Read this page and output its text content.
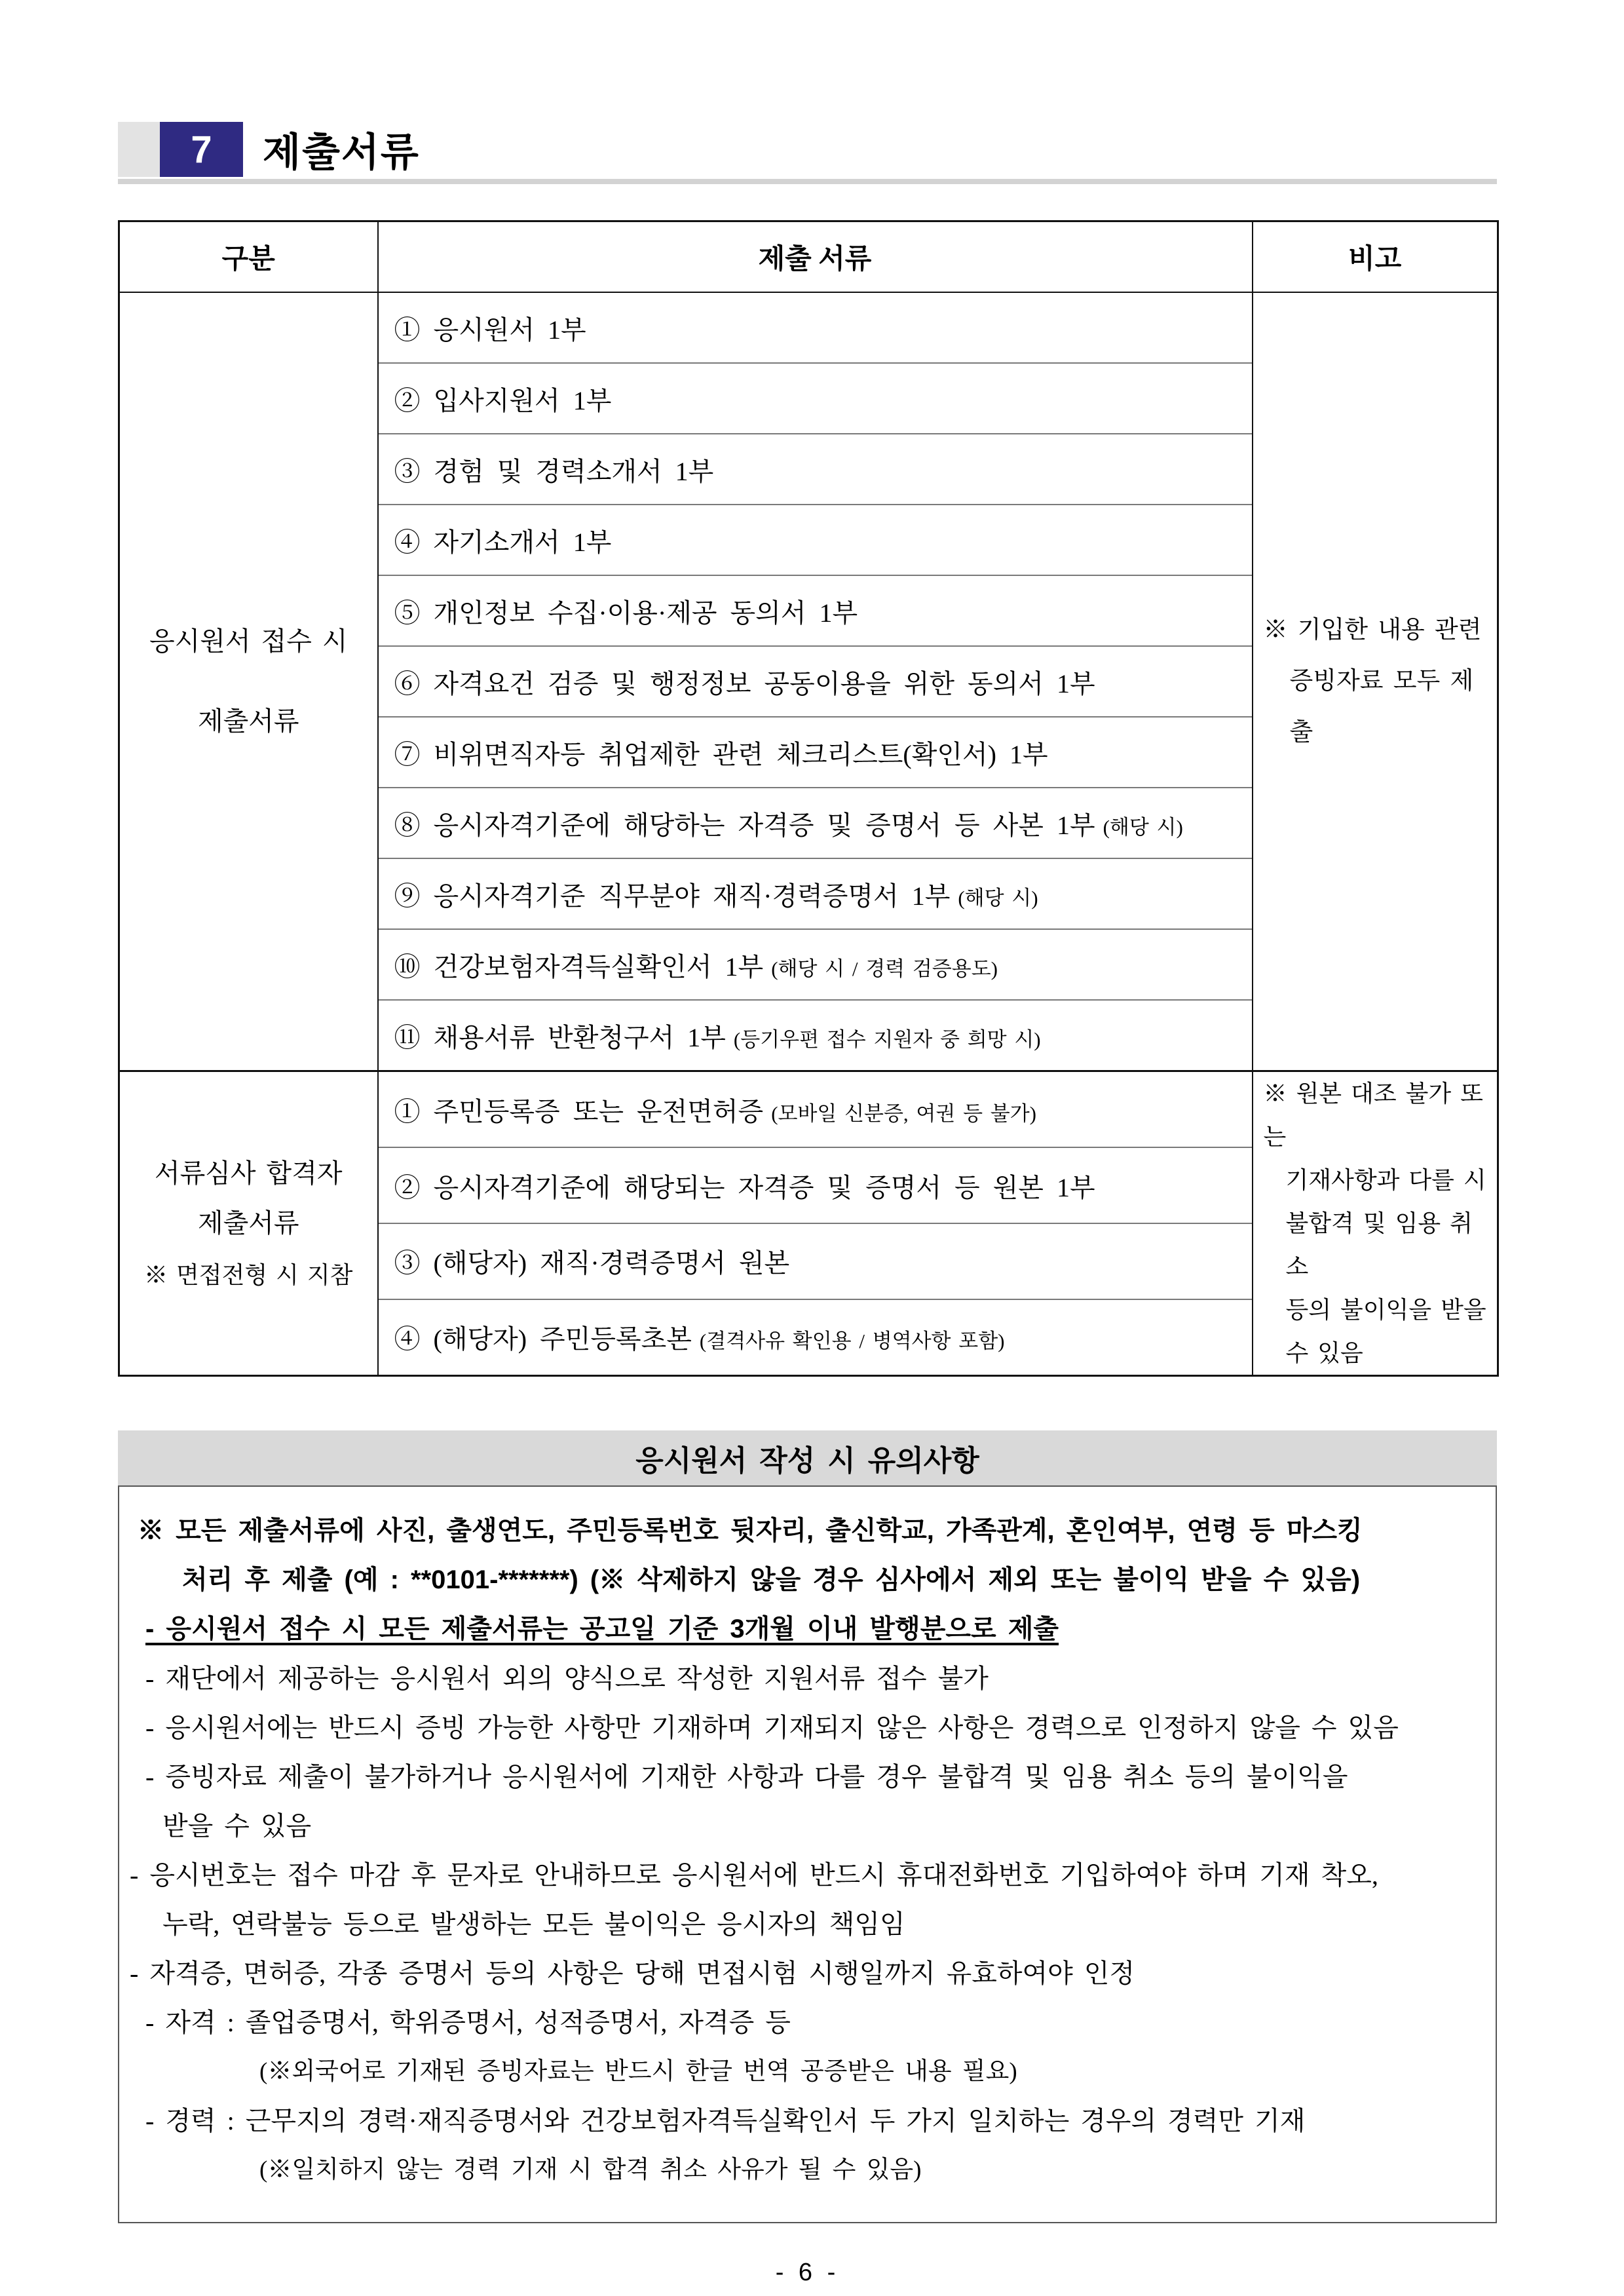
7	제출서류
구분	제출 서류	비고

응시원서 접수 시
제출서류
	① 응시원서 1부	
※ 기입한 내용 관련
증빙자료 모두 제출

	② 입사지원서 1부	
	③ 경험 및 경력소개서 1부	
	④ 자기소개서 1부	
	⑤ 개인정보 수집·이용·제공 동의서 1부	
	⑥ 자격요건 검증 및 행정정보 공동이용을 위한 동의서 1부	
	⑦ 비위면직자등 취업제한 관련 체크리스트(확인서) 1부	
	⑧ 응시자격기준에 해당하는 자격증 및 증명서 등 사본 1부 (해당 시)	
	⑨ 응시자격기준 직무분야 재직·경력증명서 1부 (해당 시)	
	⑩ 건강보험자격득실확인서 1부 (해당 시 / 경력 검증용도)	
	⑪ 채용서류 반환청구서 1부 (등기우편 접수 지원자 중 희망 시)	

서류심사 합격자
제출서류
※ 면접전형 시 지참
	① 주민등록증 또는 운전면허증 (모바일 신분증, 여권 등 불가)	
※ 원본 대조 불가 또는
기재사항과 다를 시
불합격 및 임용 취소
등의 불이익을 받을
수 있음

	② 응시자격기준에 해당되는 자격증 및 증명서 등 원본 1부	
	③ (해당자) 재직·경력증명서 원본	
	④ (해당자) 주민등록초본 (결격사유 확인용 / 병역사항 포함)	
응시원서 작성 시 유의사항
※ 모든 제출서류에 사진, 출생연도, 주민등록번호 뒷자리, 출신학교, 가족관계, 혼인여부, 연령 등 마스킹
처리 후 제출 (예 : **0101-*******) (※ 삭제하지 않을 경우 심사에서 제외 또는 불이익 받을 수 있음)
- 응시원서 접수 시 모든 제출서류는 공고일 기준 3개월 이내 발행분으로 제출
- 재단에서 제공하는 응시원서 외의 양식으로 작성한 지원서류 접수 불가
- 응시원서에는 반드시 증빙 가능한 사항만 기재하며 기재되지 않은 사항은 경력으로 인정하지 않을 수 있음
- 증빙자료 제출이 불가하거나 응시원서에 기재한 사항과 다를 경우 불합격 및 임용 취소 등의 불이익을
받을 수 있음
- 응시번호는 접수 마감 후 문자로 안내하므로 응시원서에 반드시 휴대전화번호 기입하여야 하며 기재 착오,
누락, 연락불능 등으로 발생하는 모든 불이익은 응시자의 책임임
- 자격증, 면허증, 각종 증명서 등의 사항은 당해 면접시험 시행일까지 유효하여야 인정
- 자격 : 졸업증명서, 학위증명서, 성적증명서, 자격증 등
(※외국어로 기재된 증빙자료는 반드시 한글 번역 공증받은 내용 필요)
- 경력 : 근무지의 경력·재직증명서와 건강보험자격득실확인서 두 가지 일치하는 경우의 경력만 기재
(※일치하지 않는 경력 기재 시 합격 취소 사유가 될 수 있음)
- 6 -
